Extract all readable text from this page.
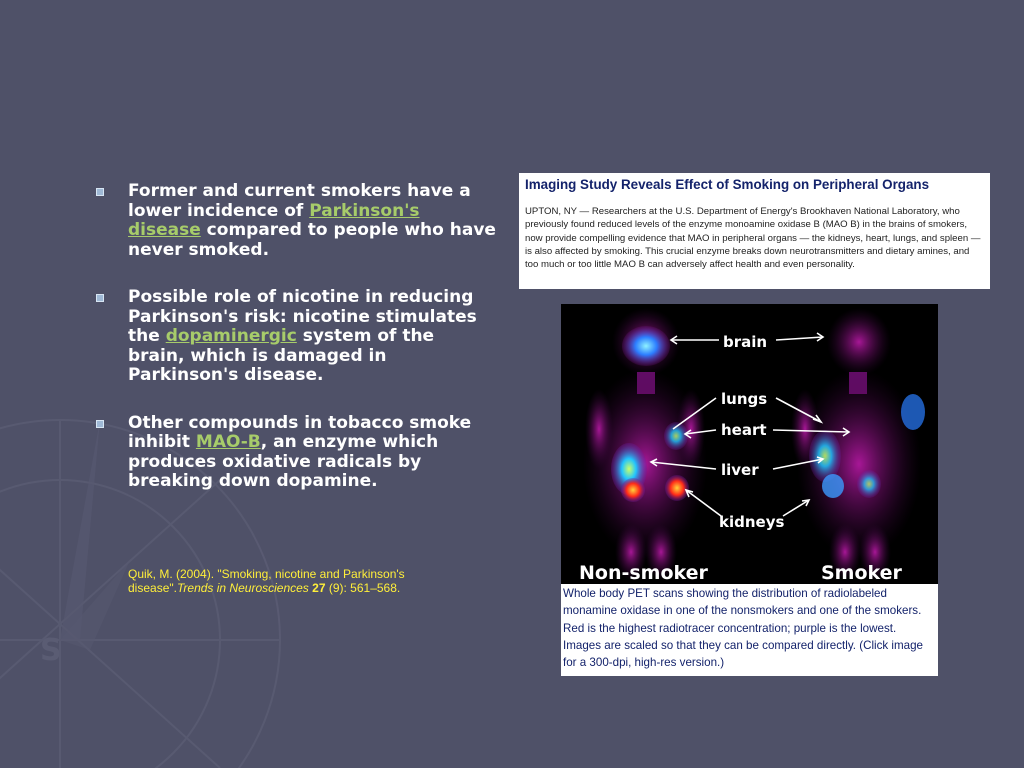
S
Former and current smokers have a lower incidence of Parkinson's disease compared to people who have never smoked.
Possible role of nicotine in reducing Parkinson's risk: nicotine stimulates the dopaminergic system of the brain, which is damaged in Parkinson's disease.
Other compounds in tobacco smoke inhibit MAO-B, an enzyme which produces oxidative radicals by breaking down dopamine.
Quik, M. (2004). "Smoking, nicotine and Parkinson's disease".Trends in Neurosciences 27 (9): 561–568.
Imaging Study Reveals Effect of Smoking on Peripheral Organs
UPTON, NY — Researchers at the U.S. Department of Energy's Brookhaven National Laboratory, who previously found reduced levels of the enzyme monoamine oxidase B (MAO B) in the brains of smokers, now provide compelling evidence that MAO in peripheral organs — the kidneys, heart, lungs, and spleen — is also affected by smoking. This crucial enzyme breaks down neurotransmitters and dietary amines, and too much or too little MAO B can adversely affect health and even personality.
brain
lungs
heart
liver
kidneys
Non-smoker	Smoker
Whole body PET scans showing the distribution of radiolabeled monamine oxidase in one of the nonsmokers and one of the smokers. Red is the highest radiotracer concentration; purple is the lowest. Images are scaled so that they can be compared directly. (Click image for a 300-dpi, high-res version.)
